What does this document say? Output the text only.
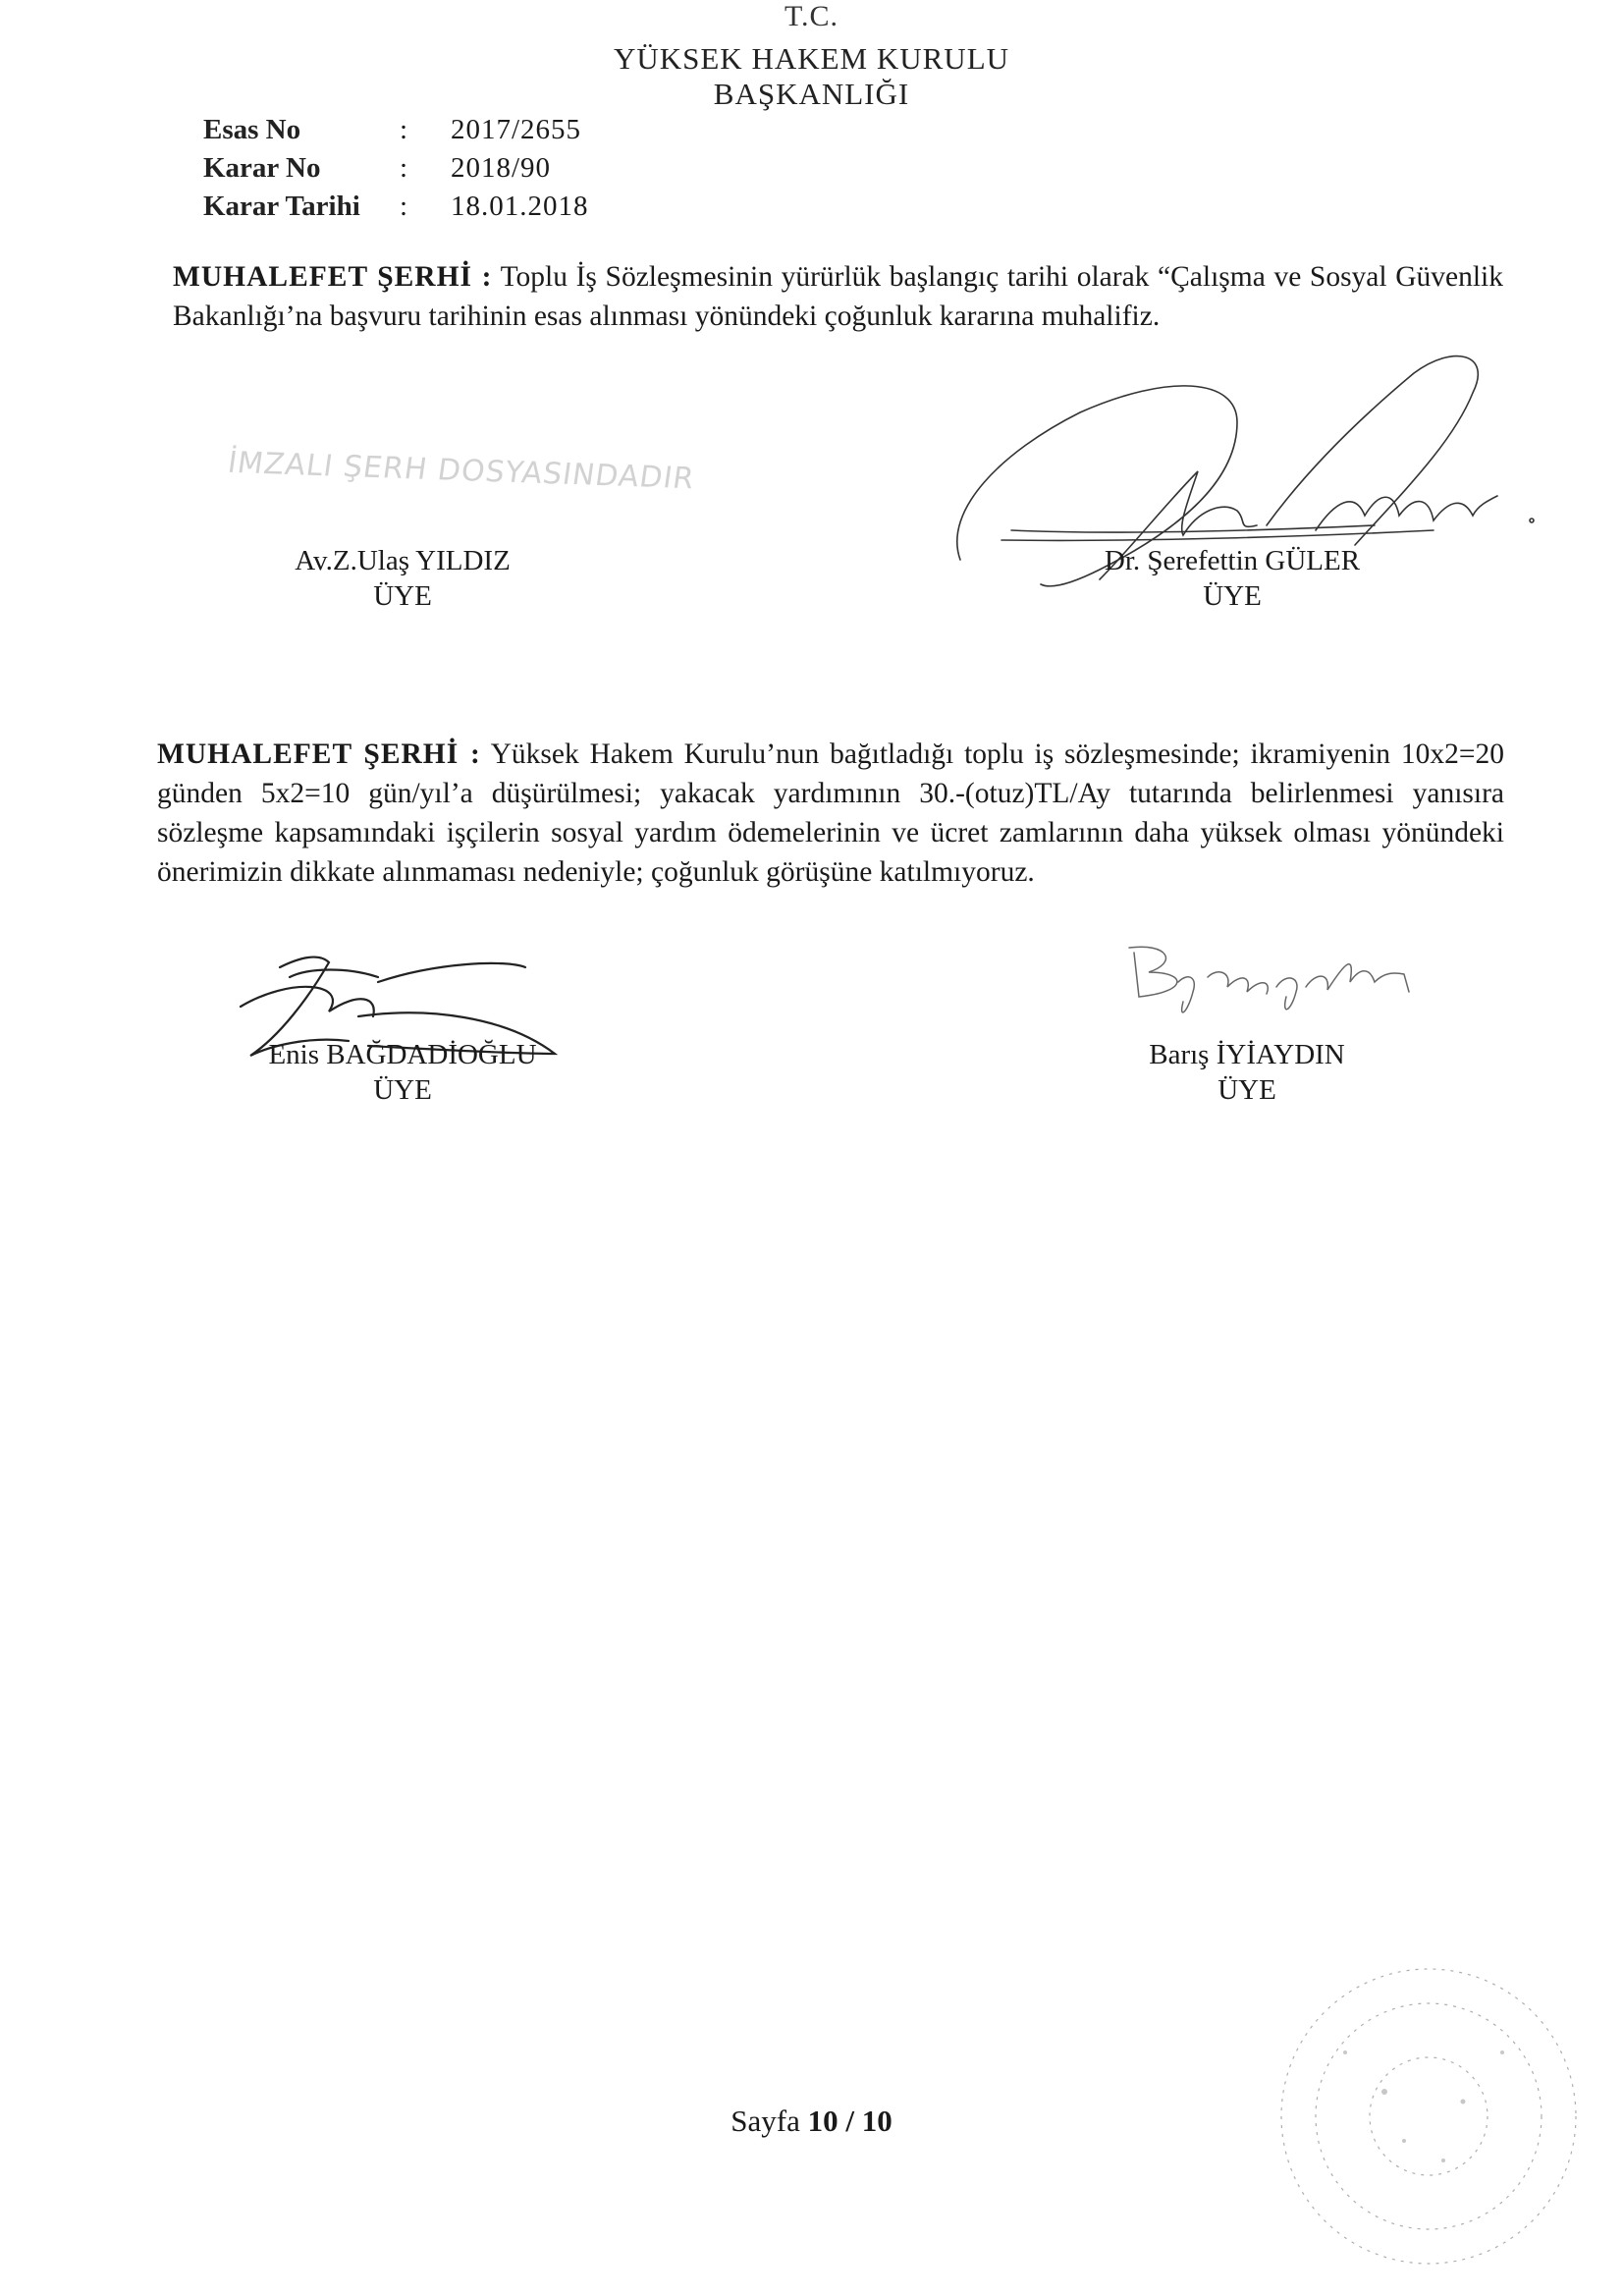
T.C.
YÜKSEK HAKEM KURULU
BAŞKANLIĞI
Esas No	:	2017/2655
Karar No	:	2018/90
Karar Tarihi	:	18.01.2018
MUHALEFET ŞERHİ : Toplu İş Sözleşmesinin yürürlük başlangıç tarihi olarak “Çalışma ve Sosyal Güvenlik Bakanlığı’na başvuru tarihinin esas alınması yönündeki çoğunluk kararına muhalifiz.
İMZALI ŞERH DOSYASINDADIR
Av.Z.Ulaş YILDIZ
ÜYE
Dr. Şerefettin GÜLER
ÜYE
MUHALEFET ŞERHİ : Yüksek Hakem Kurulu’nun bağıtladığı toplu iş sözleşmesinde; ikramiyenin 10x2=20 günden 5x2=10 gün/yıl’a düşürülmesi; yakacak yardımının 30.-(otuz)TL/Ay tutarında belirlenmesi yanısıra sözleşme kapsamındaki işçilerin sosyal yardım ödemelerinin ve ücret zamlarının daha yüksek olması yönündeki önerimizin dikkate alınmaması nedeniyle; çoğunluk görüşüne katılmıyoruz.
Enis BAĞDADİOĞLU
ÜYE
Barış İYİAYDIN
ÜYE
Sayfa 10 / 10
